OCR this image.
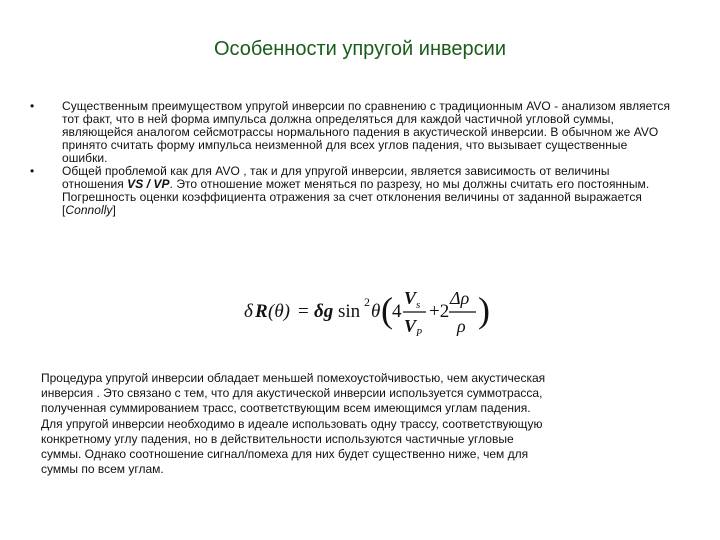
Особенности упругой инверсии
• Существенным преимуществом упругой инверсии по сравнению с традиционным AVO - анализом является тот факт, что в ней форма импульса должна определяться для каждой частичной угловой суммы, являющейся аналогом сейсмотрассы нормального падения в акустической инверсии. В обычном же AVO принято считать форму импульса неизменной для всех углов падения, что вызывает существенные ошибки.
• Общей проблемой как для AVO , так и для упругой инверсии, является зависимость от величины отношения VS / VP. Это отношение может меняться по разрезу, но мы должны считать его постоянным. Погрешность оценки коэффициента отражения за счет отклонения величины от заданной выражается [Connolly]
δ R (θ) = δg sin 2 θ ( 4
V s
V P
+2
Δρ
ρ )
Процедура упругой инверсии обладает меньшей помехоустойчивостью, чем акустическая
инверсия . Это связано с тем, что для акустической инверсии используется суммотрасса,
полученная суммированием трасс, соответствующим всем имеющимся углам падения.
Для упругой инверсии необходимо в идеале использовать одну трассу, соответствующую
конкретному углу падения, но в действительности используются частичные угловые
суммы. Однако соотношение сигнал/помеха для них будет существенно ниже, чем для
суммы по всем углам.
